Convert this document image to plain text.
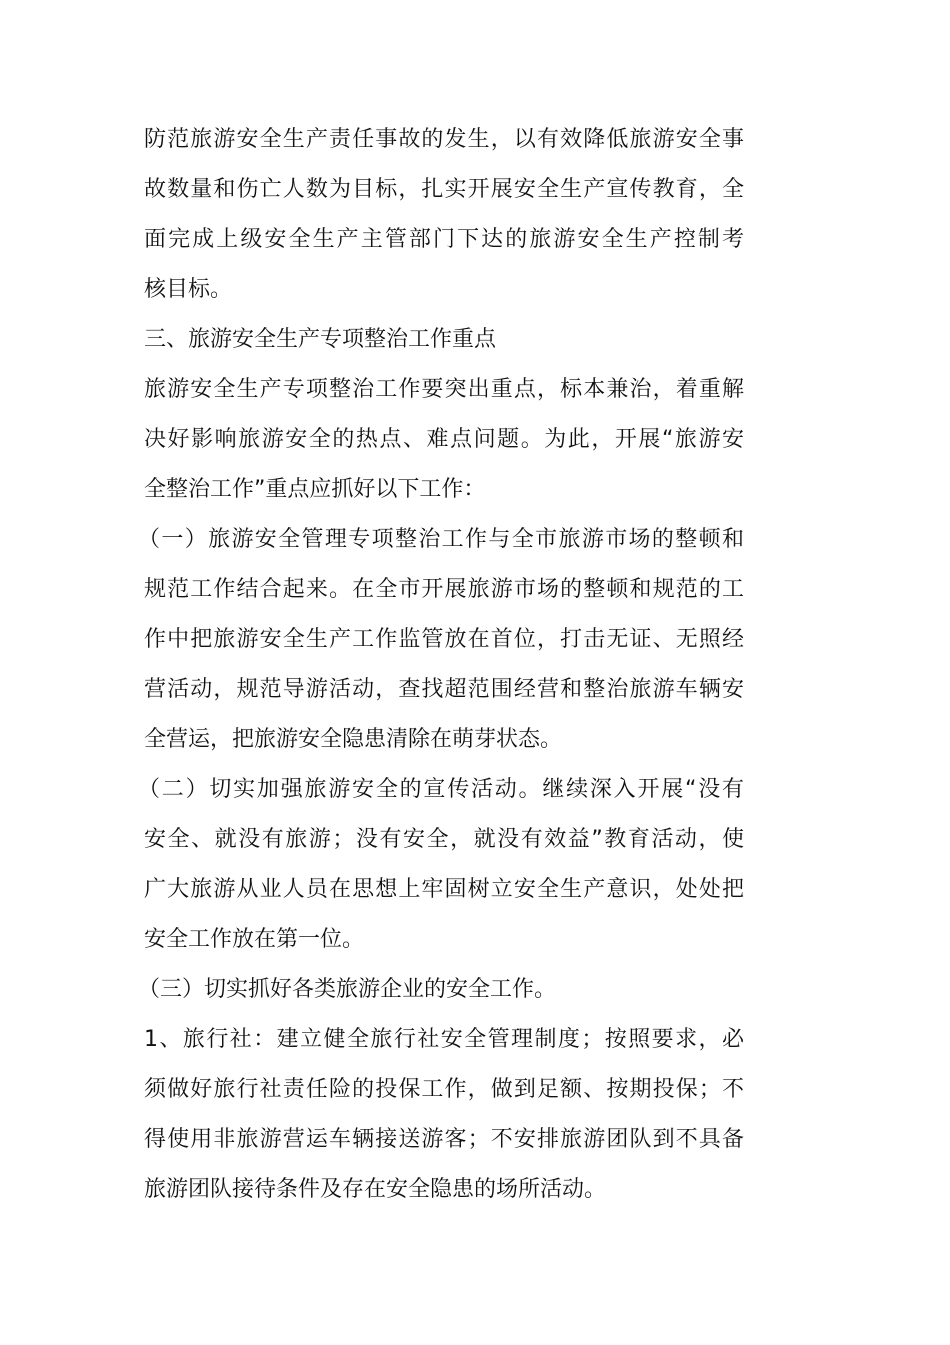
防范旅游安全生产责任事故的发生，以有效降低旅游安全事
故数量和伤亡人数为目标，扎实开展安全生产宣传教育，全
面完成上级安全生产主管部门下达的旅游安全生产控制考
核目标。
三、旅游安全生产专项整治工作重点
旅游安全生产专项整治工作要突出重点，标本兼治，着重解
决好影响旅游安全的热点、难点问题。为此，开展“旅游安
全整治工作”重点应抓好以下工作：
（一）旅游安全管理专项整治工作与全市旅游市场的整顿和
规范工作结合起来。在全市开展旅游市场的整顿和规范的工
作中把旅游安全生产工作监管放在首位，打击无证、无照经
营活动，规范导游活动，查找超范围经营和整治旅游车辆安
全营运，把旅游安全隐患清除在萌芽状态。
（二）切实加强旅游安全的宣传活动。继续深入开展“没有
安全、就没有旅游；没有安全，就没有效益”教育活动，使
广大旅游从业人员在思想上牢固树立安全生产意识，处处把
安全工作放在第一位。
（三）切实抓好各类旅游企业的安全工作。
1、旅行社：建立健全旅行社安全管理制度；按照要求，必
须做好旅行社责任险的投保工作，做到足额、按期投保；不
得使用非旅游营运车辆接送游客；不安排旅游团队到不具备
旅游团队接待条件及存在安全隐患的场所活动。
